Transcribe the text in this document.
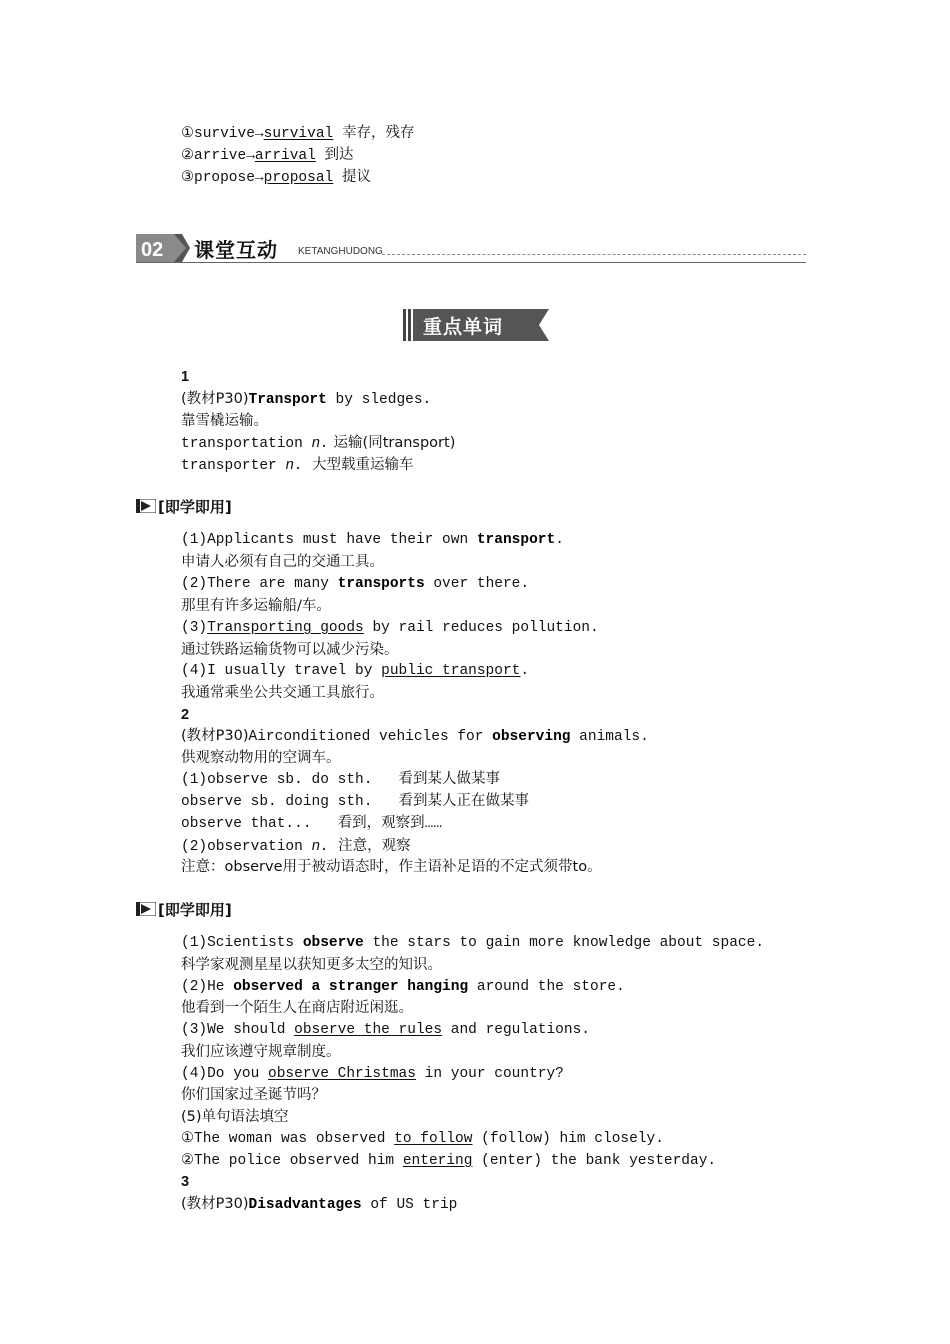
①survive→survival 幸存，残存
②arrive→arrival 到达
③propose→proposal 提议
02 课堂互动 KETANGHUDONG
重点单词
1
(教材P30)Transport by sledges.
靠雪橇运输。
transportation n. 运输(同transport)
transporter n.  大型载重运输车
[即学即用]
(1)Applicants must have their own transport.
申请人必须有自己的交通工具。
(2)There are many transports over there.
那里有许多运输船/车。
(3)Transporting goods by rail reduces pollution.
通过铁路运输货物可以减少污染。
(4)I usually travel by public transport.
我通常乘坐公共交通工具旅行。
2
(教材P30)Airconditioned vehicles for observing animals.
供观察动物用的空调车。
(1)observe sb. do sth.   看到某人做某事
observe sb. doing sth.   看到某人正在做某事
observe that...   看到，观察到……
(2)observation n.  注意，观察
注意：observe用于被动语态时，作主语补足语的不定式须带to。
[即学即用]
(1)Scientists observe the stars to gain more knowledge about space.
科学家观测星星以获知更多太空的知识。
(2)He observed a stranger hanging around the store.
他看到一个陌生人在商店附近闲逛。
(3)We should observe the rules and regulations.
我们应该遵守规章制度。
(4)Do you observe Christmas in your country?
你们国家过圣诞节吗？
(5)单句语法填空
①The woman was observed to follow (follow) him closely.
②The police observed him entering (enter) the bank yesterday.
3
(教材P30)Disadvantages of US trip
